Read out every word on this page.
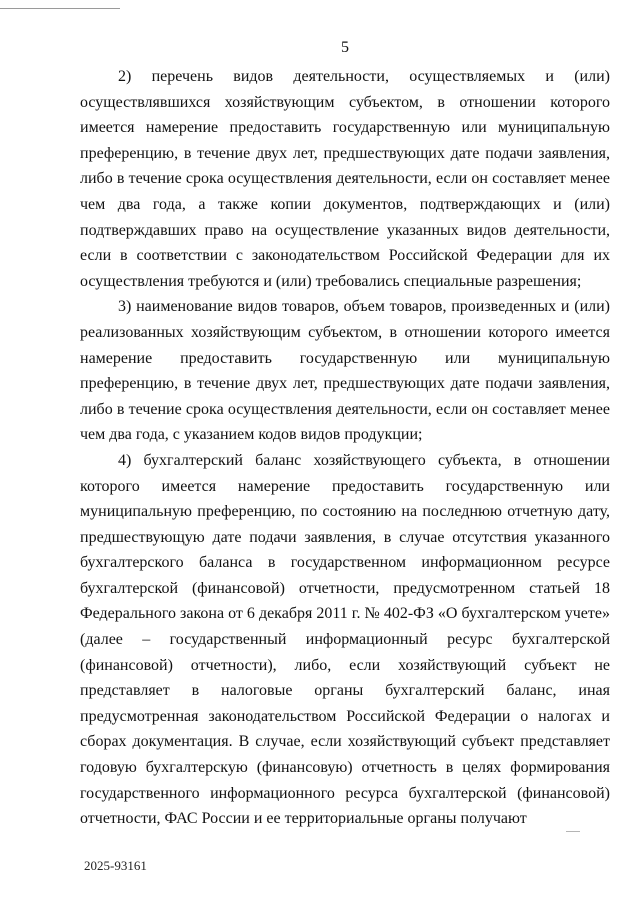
5

2) перечень видов деятельности, осуществляемых и (или) осуществлявшихся хозяйствующим субъектом, в отношении которого имеется намерение предоставить государственную или муниципальную преференцию, в течение двух лет, предшествующих дате подачи заявления, либо в течение срока осуществления деятельности, если он составляет менее чем два года, а также копии документов, подтверждающих и (или) подтверждавших право на осуществление указанных видов деятельности, если в соответствии с законодательством Российской Федерации для их осуществления требуются и (или) требовались специальные разрешения;

3) наименование видов товаров, объем товаров, произведенных и (или) реализованных хозяйствующим субъектом, в отношении которого имеется намерение предоставить государственную или муниципальную преференцию, в течение двух лет, предшествующих дате подачи заявления, либо в течение срока осуществления деятельности, если он составляет менее чем два года, с указанием кодов видов продукции;

4) бухгалтерский баланс хозяйствующего субъекта, в отношении которого имеется намерение предоставить государственную или муниципальную преференцию, по состоянию на последнюю отчетную дату, предшествующую дате подачи заявления, в случае отсутствия указанного бухгалтерского баланса в государственном информационном ресурсе бухгалтерской (финансовой) отчетности, предусмотренном статьей 18 Федерального закона от 6 декабря 2011 г. № 402-ФЗ «О бухгалтерском учете» (далее – государственный информационный ресурс бухгалтерской (финансовой) отчетности), либо, если хозяйствующий субъект не представляет в налоговые органы бухгалтерский баланс, иная предусмотренная законодательством Российской Федерации о налогах и сборах документация. В случае, если хозяйствующий субъект представляет годовую бухгалтерскую (финансовую) отчетность в целях формирования государственного информационного ресурса бухгалтерской (финансовой) отчетности, ФАС России и ее территориальные органы получают

2025-93161
